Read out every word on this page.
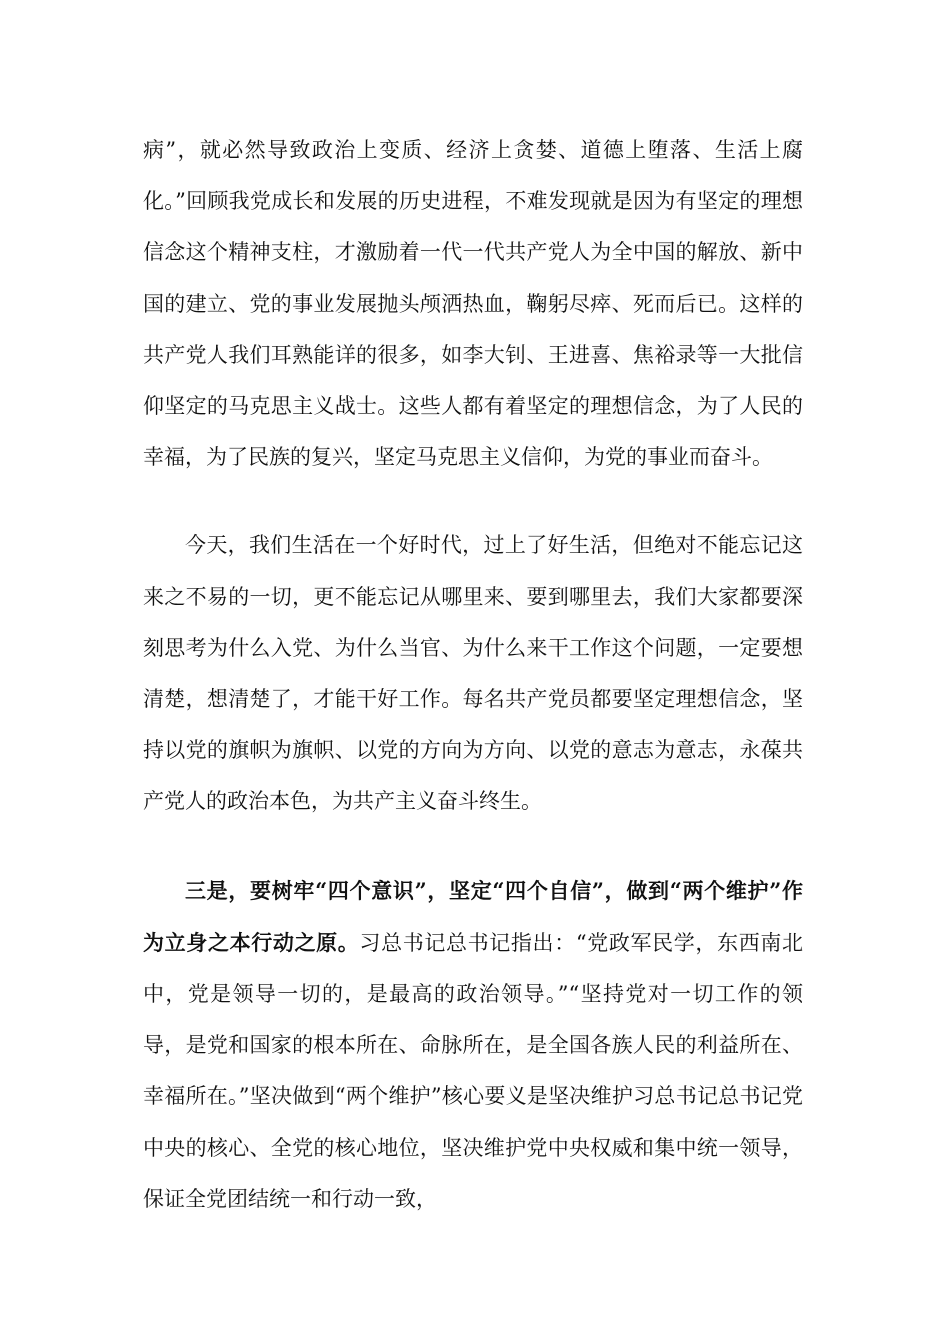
病”，就必然导致政治上变质、经济上贪婪、道德上堕落、生活上腐化。”回顾我党成长和发展的历史进程，不难发现就是因为有坚定的理想信念这个精神支柱，才激励着一代一代共产党人为全中国的解放、新中国的建立、党的事业发展抛头颅洒热血，鞠躬尽瘁、死而后已。这样的共产党人我们耳熟能详的很多，如李大钊、王进喜、焦裕录等一大批信仰坚定的马克思主义战士。这些人都有着坚定的理想信念，为了人民的幸福，为了民族的复兴，坚定马克思主义信仰，为党的事业而奋斗。

今天，我们生活在一个好时代，过上了好生活，但绝对不能忘记这来之不易的一切，更不能忘记从哪里来、要到哪里去，我们大家都要深刻思考为什么入党、为什么当官、为什么来干工作这个问题，一定要想清楚，想清楚了，才能干好工作。每名共产党员都要坚定理想信念，坚持以党的旗帜为旗帜、以党的方向为方向、以党的意志为意志，永葆共产党人的政治本色，为共产主义奋斗终生。

三是，要树牢“四个意识”，坚定“四个自信”，做到“两个维护”作为立身之本行动之原。习总书记总书记指出：“党政军民学，东西南北中，党是领导一切的，是最高的政治领导。”“坚持党对一切工作的领导，是党和国家的根本所在、命脉所在，是全国各族人民的利益所在、幸福所在。”坚决做到“两个维护”核心要义是坚决维护习总书记总书记党中央的核心、全党的核心地位，坚决维护党中央权威和集中统一领导，保证全党团结统一和行动一致，
